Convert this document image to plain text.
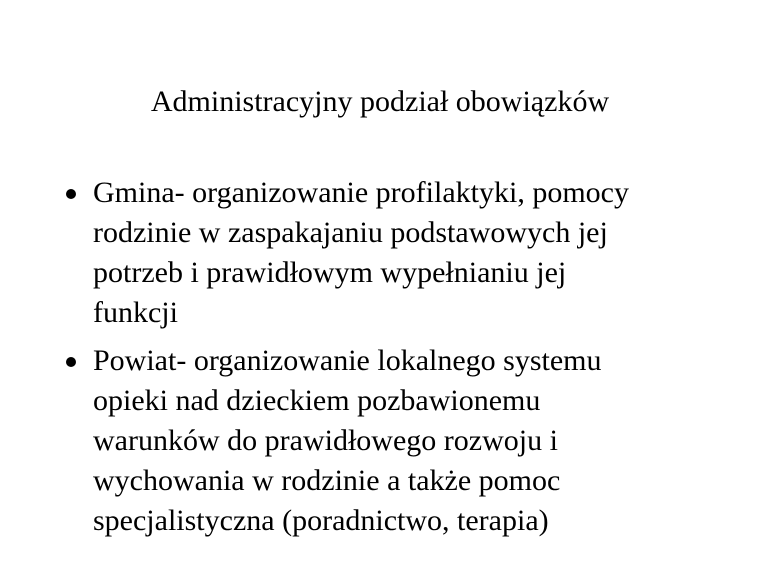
Administracyjny podział obowiązków
Gmina- organizowanie profilaktyki, pomocy
rodzinie w zaspakajaniu podstawowych jej
potrzeb i prawidłowym wypełnianiu jej
funkcji
Powiat- organizowanie lokalnego systemu
opieki nad dzieckiem pozbawionemu
warunków do prawidłowego rozwoju i
wychowania w rodzinie a także pomoc
specjalistyczna (poradnictwo, terapia)
